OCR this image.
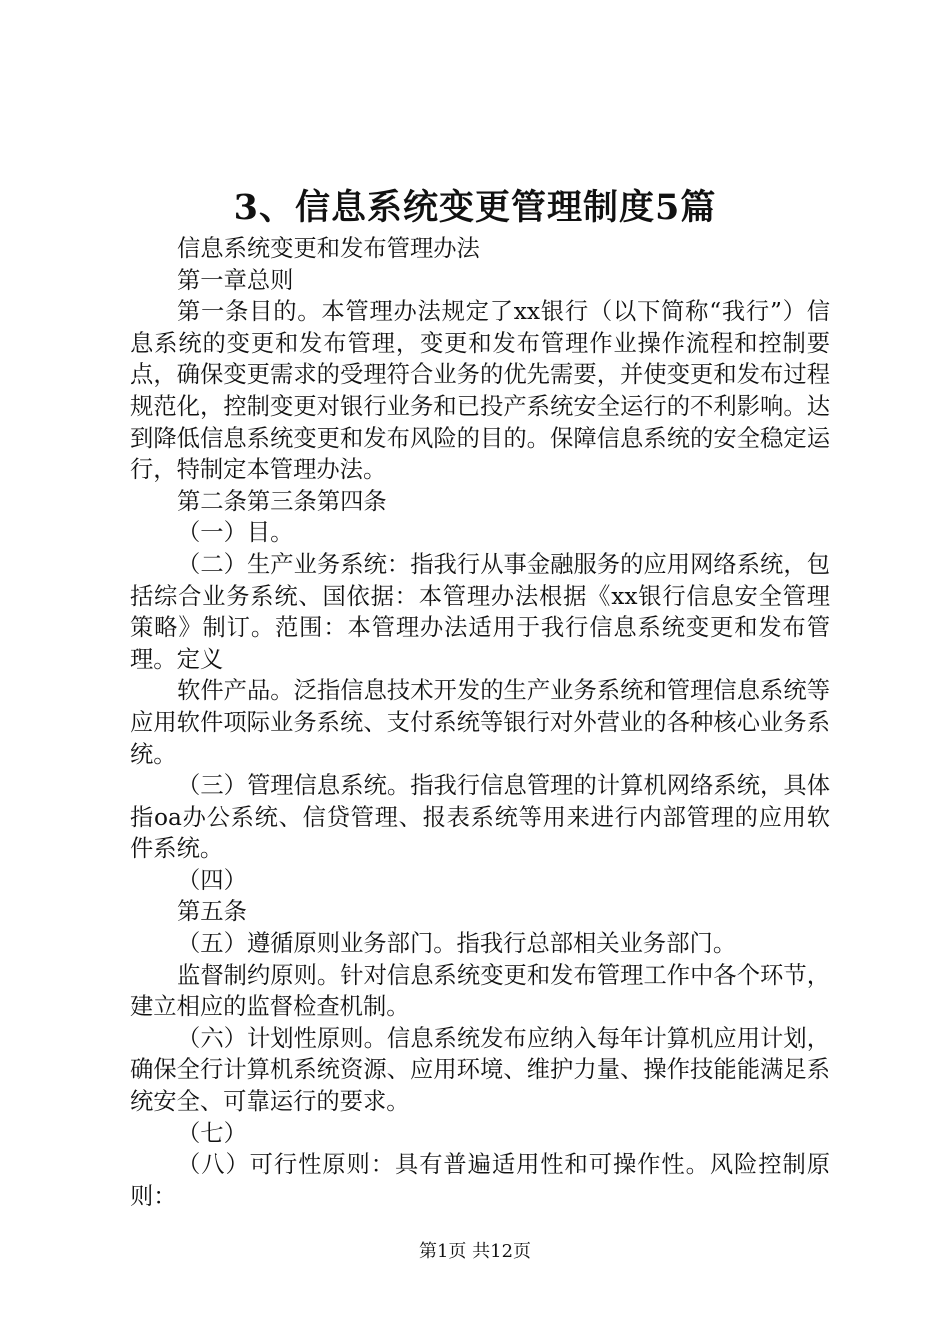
3、信息系统变更管理制度5篇

信息系统变更和发布管理办法

第一章总则

第一条目的。本管理办法规定了xx银行（以下简称“我行”）信息系统的变更和发布管理，变更和发布管理作业操作流程和控制要点，确保变更需求的受理符合业务的优先需要，并使变更和发布过程规范化，控制变更对银行业务和已投产系统安全运行的不利影响。达到降低信息系统变更和发布风险的目的。保障信息系统的安全稳定运行，特制定本管理办法。

第二条第三条第四条

（一）目。

（二）生产业务系统：指我行从事金融服务的应用网络系统，包括综合业务系统、国依据：本管理办法根据《xx银行信息安全管理策略》制订。范围：本管理办法适用于我行信息系统变更和发布管理。定义

软件产品。泛指信息技术开发的生产业务系统和管理信息系统等应用软件项际业务系统、支付系统等银行对外营业的各种核心业务系统。

（三）管理信息系统。指我行信息管理的计算机网络系统，具体指oa办公系统、信贷管理、报表系统等用来进行内部管理的应用软件系统。

（四）

第五条

（五）遵循原则业务部门。指我行总部相关业务部门。

监督制约原则。针对信息系统变更和发布管理工作中各个环节，建立相应的监督检查机制。

（六）计划性原则。信息系统发布应纳入每年计算机应用计划，确保全行计算机系统资源、应用环境、维护力量、操作技能能满足系统安全、可靠运行的要求。

（七）

（八）可行性原则：具有普遍适用性和可操作性。风险控制原则：

第1页 共12页
